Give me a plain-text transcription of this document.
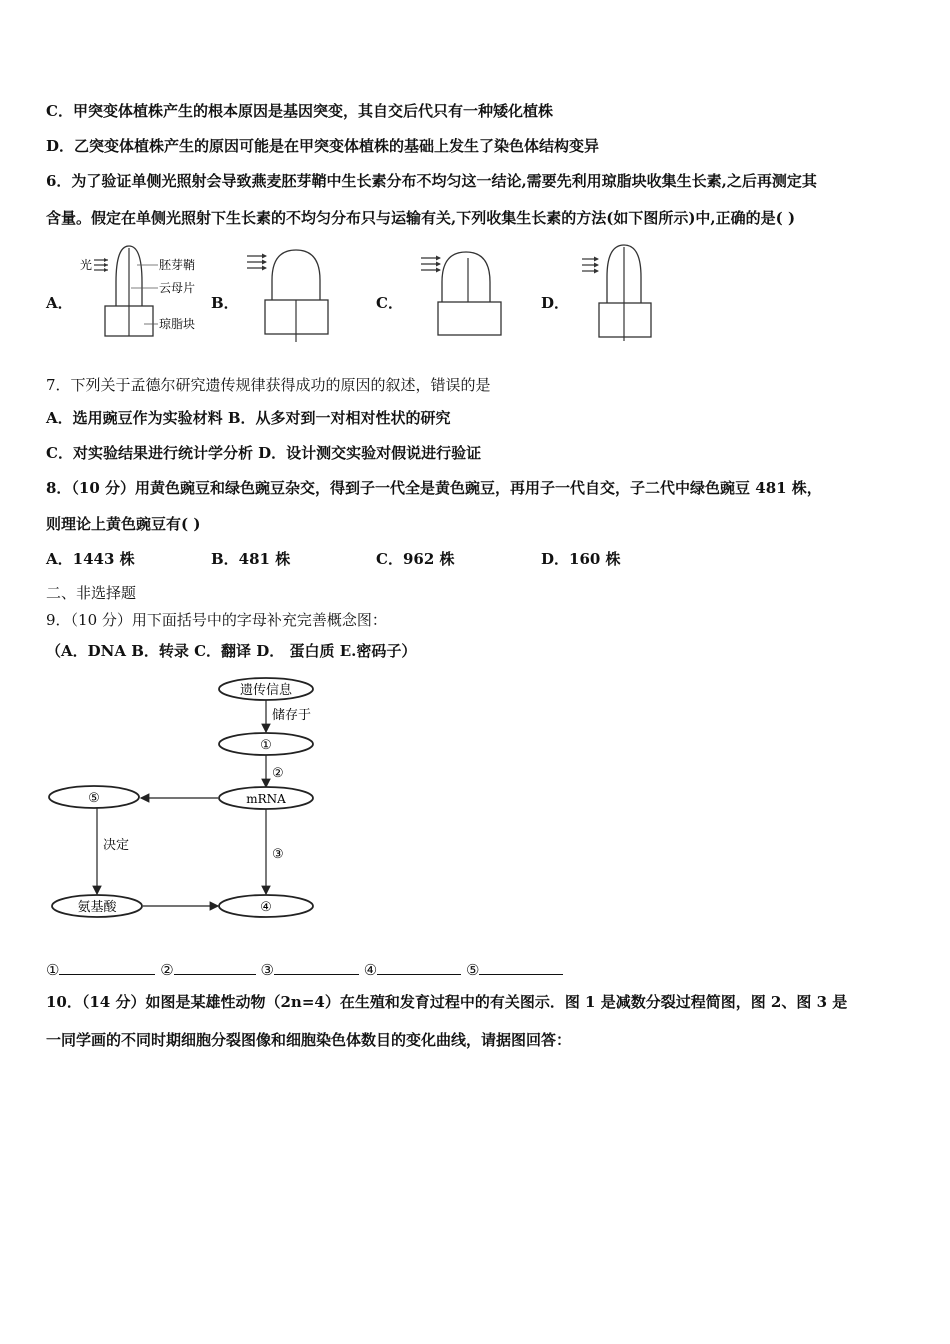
C．甲突变体植株产生的根本原因是基因突变，其自交后代只有一种矮化植株
D．乙突变体植株产生的原因可能是在甲突变体植株的基础上发生了染色体结构变异
6．为了验证单侧光照射会导致燕麦胚芽鞘中生长素分布不均匀这一结论,需要先利用琼脂块收集生长素,之后再测定其
含量。假定在单侧光照射下生长素的不均匀分布只与运输有关,下列收集生长素的方法(如下图所示)中,正确的是( )
A．	B．	C．	D．
光	胚芽鞘
云母片
琼脂块
7．下列关于孟德尔研究遗传规律获得成功的原因的叙述，错误的是
A．选用豌豆作为实验材料 B．从多对到一对相对性状的研究
C．对实验结果进行统计学分析 D．设计测交实验对假说进行验证
8．（10 分）用黄色豌豆和绿色豌豆杂交，得到子一代全是黄色豌豆，再用子一代自交，子二代中绿色豌豆 481 株，
则理论上黄色豌豆有( )
A．1443 株	B．481 株	C．962 株	D．160 株
二、非选择题
9．（10 分）用下面括号中的字母补充完善概念图：
（A．DNA B．转录 C．翻译 D． 蛋白质 E.密码子）
遗传信息
储存于
①
②
mRNA
⑤
③
决定
氨基酸	④
①	②	③	④	⑤
10．（14 分）如图是某雄性动物（2n=4）在生殖和发育过程中的有关图示．图 1 是减数分裂过程简图，图 2、图 3 是
一同学画的不同时期细胞分裂图像和细胞染色体数目的变化曲线，请据图回答：
